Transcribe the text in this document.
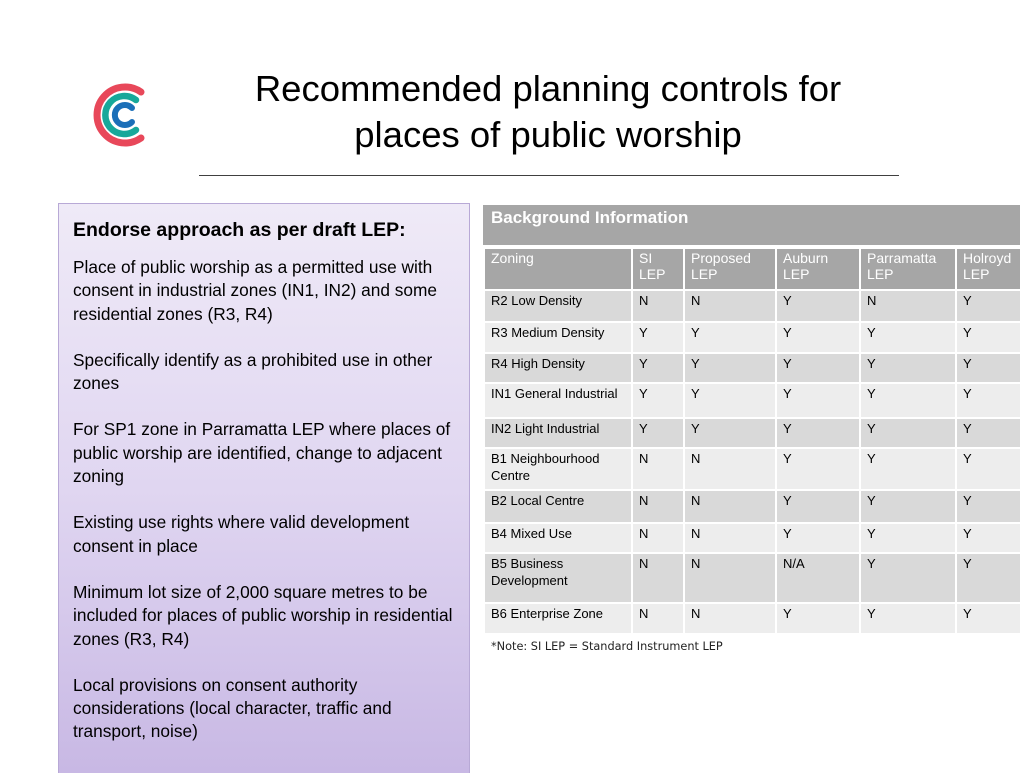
Recommended planning controls for
places of public worship
Endorse approach as per draft LEP:
Place of public worship as a permitted use with consent in industrial zones (IN1, IN2) and some residential zones (R3, R4)
Specifically identify as a prohibited use in other zones
For SP1 zone in Parramatta LEP where places of public worship are identified, change to adjacent zoning
Existing use rights where valid development consent in place
Minimum lot size of 2,000 square metres to be included for places of public worship in residential zones (R3, R4)
Local provisions on consent authority considerations (local character, traffic and transport, noise)
Background Information
Zoning	SI LEP	Proposed LEP	Auburn LEP	Parramatta LEP	Holroyd LEP
R2 Low Density	N	N	Y	N	Y
R3 Medium Density	Y	Y	Y	Y	Y
R4 High Density	Y	Y	Y	Y	Y
IN1 General Industrial	Y	Y	Y	Y	Y
IN2 Light Industrial	Y	Y	Y	Y	Y
B1 Neighbourhood Centre	N	N	Y	Y	Y
B2 Local Centre	N	N	Y	Y	Y
B4 Mixed Use	N	N	Y	Y	Y
B5 Business Development	N	N	N/A	Y	Y
B6 Enterprise Zone	N	N	Y	Y	Y
*Note: SI LEP = Standard Instrument LEP
